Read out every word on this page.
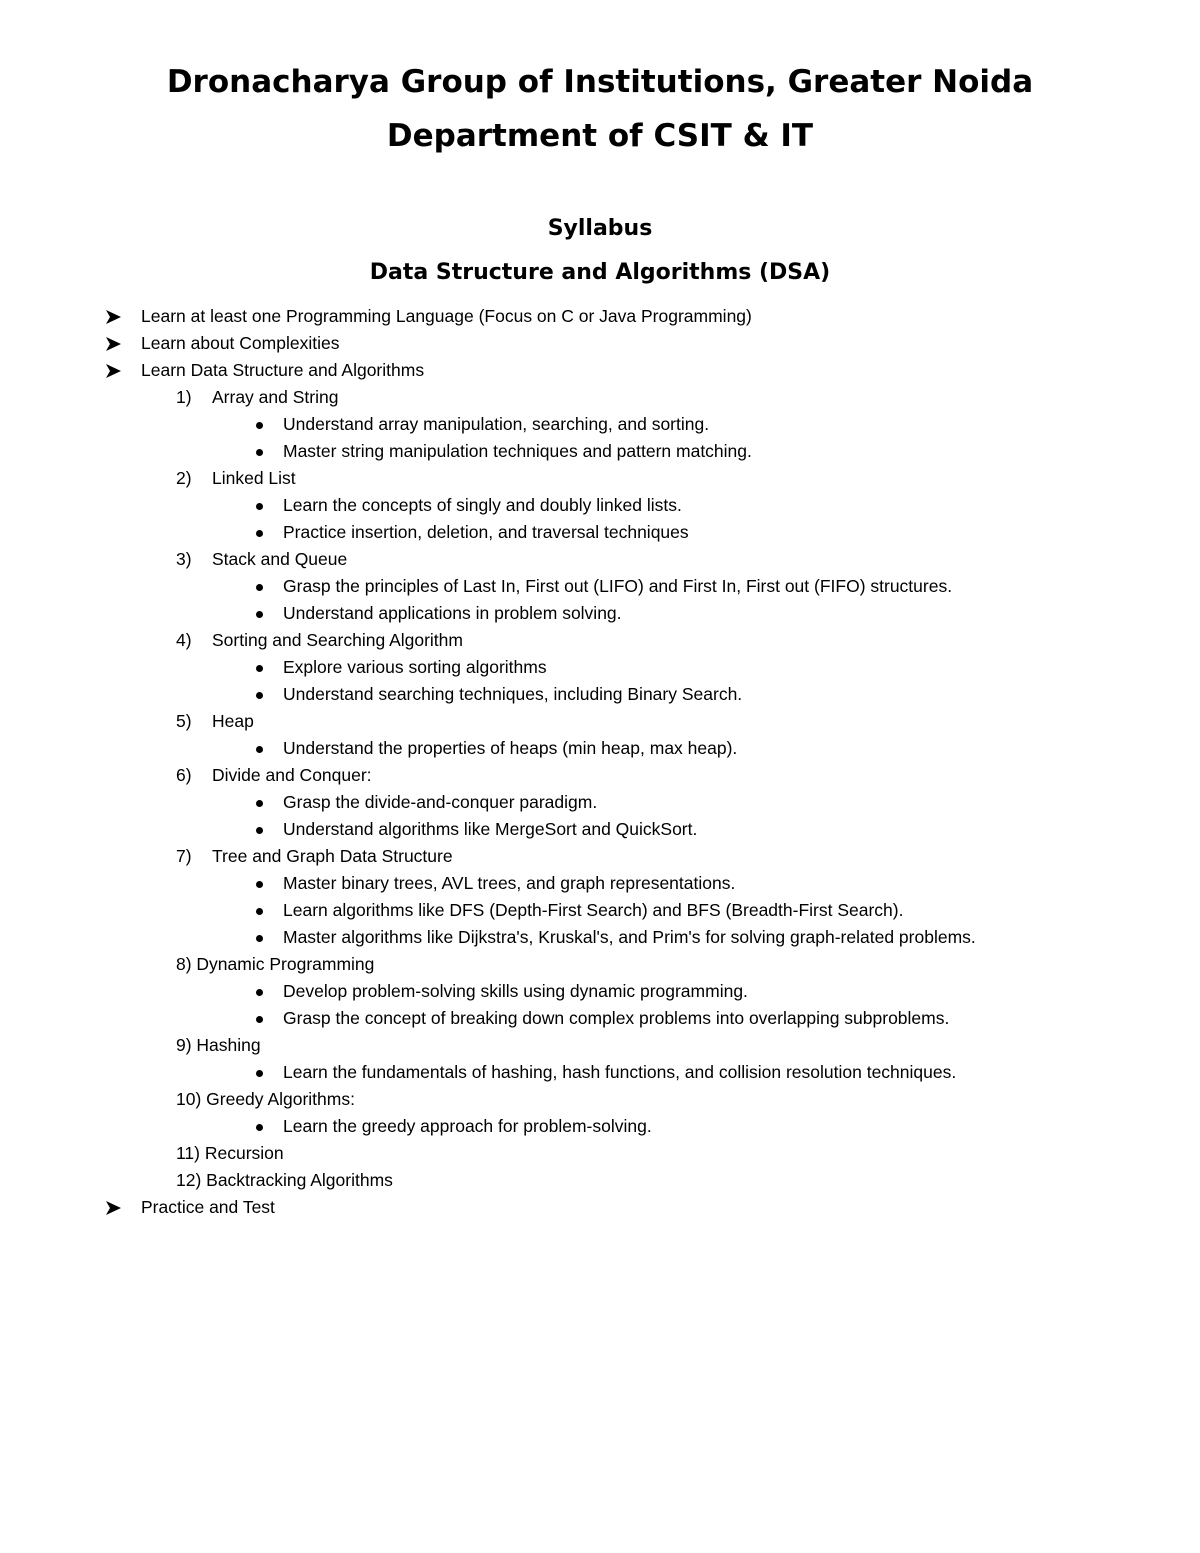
Dronacharya Group of Institutions, Greater Noida
Department of CSIT & IT
Syllabus
Data Structure and Algorithms (DSA)
Learn at least one Programming Language (Focus on C or Java Programming)
Learn about Complexities
Learn Data Structure and Algorithms
1) Array and String
Understand array manipulation, searching, and sorting.
Master string manipulation techniques and pattern matching.
2) Linked List
Learn the concepts of singly and doubly linked lists.
Practice insertion, deletion, and traversal techniques
3) Stack and Queue
Grasp the principles of Last In, First out (LIFO) and First In, First out (FIFO) structures.
Understand applications in problem solving.
4) Sorting and Searching Algorithm
Explore various sorting algorithms
Understand searching techniques, including Binary Search.
5) Heap
Understand the properties of heaps (min heap, max heap).
6) Divide and Conquer:
Grasp the divide-and-conquer paradigm.
Understand algorithms like MergeSort and QuickSort.
7) Tree and Graph Data Structure
Master binary trees, AVL trees, and graph representations.
Learn algorithms like DFS (Depth-First Search) and BFS (Breadth-First Search).
Master algorithms like Dijkstra's, Kruskal's, and Prim's for solving graph-related problems.
8) Dynamic Programming
Develop problem-solving skills using dynamic programming.
Grasp the concept of breaking down complex problems into overlapping subproblems.
9) Hashing
Learn the fundamentals of hashing, hash functions, and collision resolution techniques.
10) Greedy Algorithms:
Learn the greedy approach for problem-solving.
11) Recursion
12) Backtracking Algorithms
Practice and Test
